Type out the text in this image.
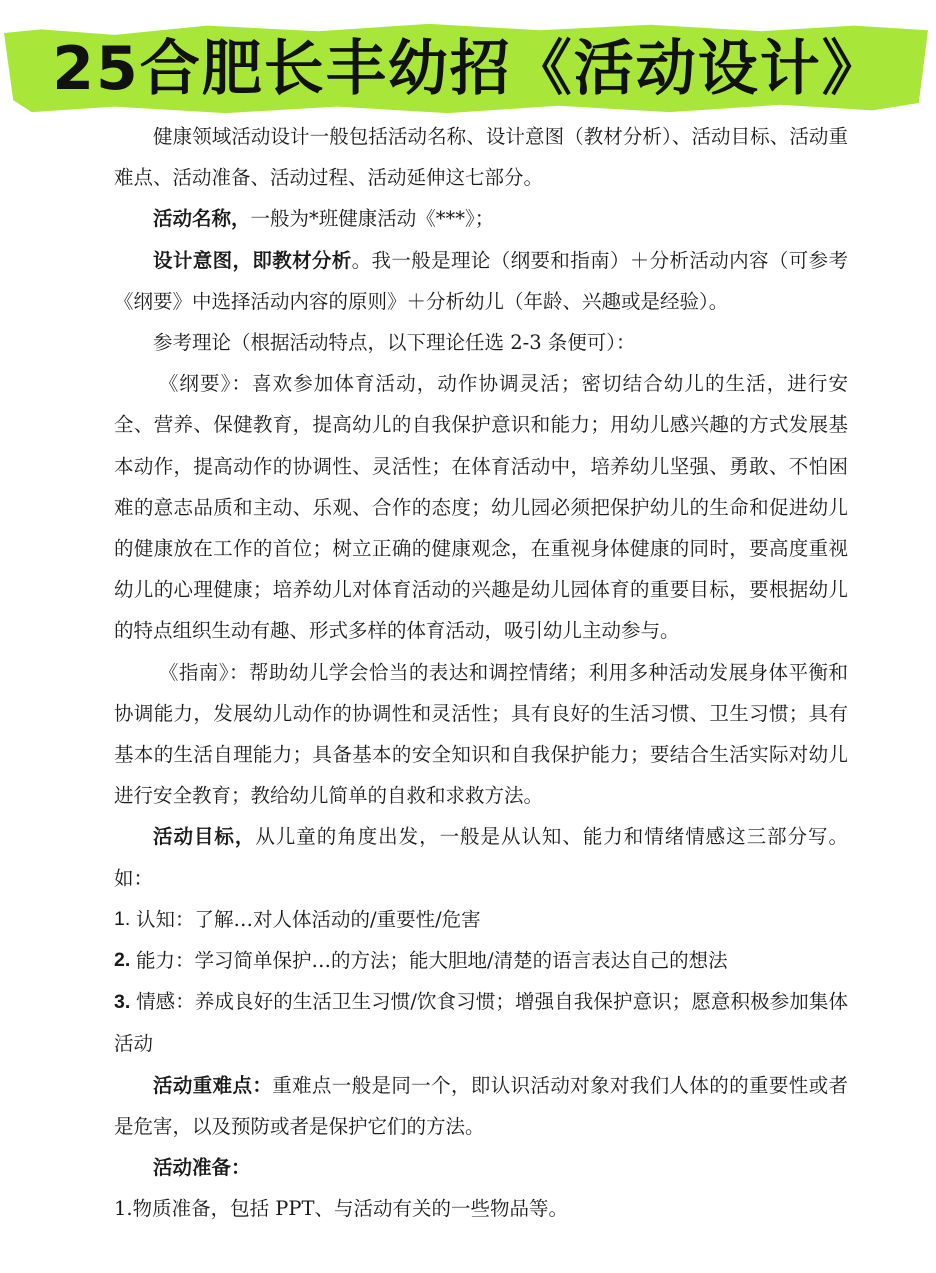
25合肥长丰幼招《活动设计》

健康领域活动设计一般包括活动名称、设计意图（教材分析）、活动目标、活动重难点、活动准备、活动过程、活动延伸这七部分。

活动名称，一般为*班健康活动《***》；

设计意图，即教材分析。我一般是理论（纲要和指南）＋分析活动内容（可参考《纲要》中选择活动内容的原则》＋分析幼儿（年龄、兴趣或是经验）。

参考理论（根据活动特点，以下理论任选 2-3 条便可）：

《纲要》：喜欢参加体育活动，动作协调灵活；密切结合幼儿的生活，进行安全、营养、保健教育，提高幼儿的自我保护意识和能力；用幼儿感兴趣的方式发展基本动作，提高动作的协调性、灵活性；在体育活动中，培养幼儿坚强、勇敢、不怕困难的意志品质和主动、乐观、合作的态度；幼儿园必须把保护幼儿的生命和促进幼儿的健康放在工作的首位；树立正确的健康观念，在重视身体健康的同时，要高度重视幼儿的心理健康；培养幼儿对体育活动的兴趣是幼儿园体育的重要目标，要根据幼儿的特点组织生动有趣、形式多样的体育活动，吸引幼儿主动参与。

《指南》：帮助幼儿学会恰当的表达和调控情绪；利用多种活动发展身体平衡和协调能力，发展幼儿动作的协调性和灵活性；具有良好的生活习惯、卫生习惯；具有基本的生活自理能力；具备基本的安全知识和自我保护能力；要结合生活实际对幼儿进行安全教育；教给幼儿简单的自救和求救方法。

活动目标，从儿童的角度出发，一般是从认知、能力和情绪情感这三部分写。如：

1. 认知：了解…对人体活动的/重要性/危害
2. 能力：学习简单保护…的方法；能大胆地/清楚的语言表达自己的想法

3. 情感：养成良好的生活卫生习惯/饮食习惯；增强自我保护意识；愿意积极参加集体活动

活动重难点：重难点一般是同一个，即认识活动对象对我们人体的的重要性或者是危害，以及预防或者是保护它们的方法。

活动准备：

1.物质准备，包括 PPT、与活动有关的一些物品等。
